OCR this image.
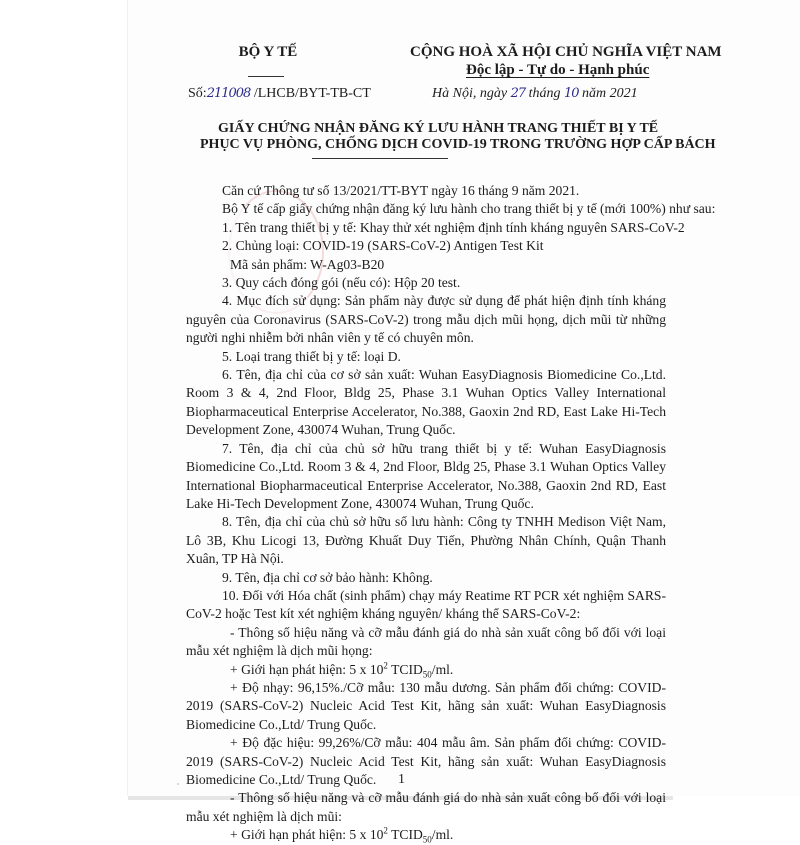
BỘ Y TẾ	CỘNG HOÀ XÃ HỘI CHỦ NGHĨA VIỆT NAM
Độc lập - Tự do - Hạnh phúc
Số:211008 /LHCB/BYT-TB-CT	Hà Nội, ngày 27 tháng 10 năm 2021
GIẤY CHỨNG NHẬN ĐĂNG KÝ LƯU HÀNH TRANG THIẾT BỊ Y TẾ
PHỤC VỤ PHÒNG, CHỐNG DỊCH COVID-19 TRONG TRƯỜNG HỢP CẤP BÁCH

Căn cứ Thông tư số 13/2021/TT-BYT ngày 16 tháng 9 năm 2021.

Bộ Y tế cấp giấy chứng nhận đăng ký lưu hành cho trang thiết bị y tế (mới 100%) như sau:

1. Tên trang thiết bị y tế: Khay thử xét nghiệm định tính kháng nguyên SARS-CoV-2

2. Chủng loại: COVID-19 (SARS-CoV-2) Antigen Test Kit

Mã sản phẩm: W-Ag03-B20

3. Quy cách đóng gói (nếu có): Hộp 20 test.

4. Mục đích sử dụng: Sản phẩm này được sử dụng để phát hiện định tính kháng nguyên của Coronavirus (SARS-CoV-2) trong mẫu dịch mũi họng, dịch mũi từ những người nghi nhiễm bởi nhân viên y tế có chuyên môn.

5. Loại trang thiết bị y tế: loại D.

6. Tên, địa chỉ của cơ sở sản xuất: Wuhan EasyDiagnosis Biomedicine Co.,Ltd. Room 3 & 4, 2nd Floor, Bldg 25, Phase 3.1 Wuhan Optics Valley International Biopharmaceutical Enterprise Accelerator, No.388, Gaoxin 2nd RD, East Lake Hi-Tech Development Zone, 430074 Wuhan, Trung Quốc.

7. Tên, địa chỉ của chủ sở hữu trang thiết bị y tế: Wuhan EasyDiagnosis Biomedicine Co.,Ltd. Room 3 & 4, 2nd Floor, Bldg 25, Phase 3.1 Wuhan Optics Valley International Biopharmaceutical Enterprise Accelerator, No.388, Gaoxin 2nd RD, East Lake Hi-Tech Development Zone, 430074 Wuhan, Trung Quốc.

8. Tên, địa chỉ của chủ sở hữu số lưu hành: Công ty TNHH Medison Việt Nam, Lô 3B, Khu Licogi 13, Đường Khuất Duy Tiến, Phường Nhân Chính, Quận Thanh Xuân, TP Hà Nội.

9. Tên, địa chỉ cơ sở bảo hành: Không.

10. Đối với Hóa chất (sinh phẩm) chạy máy Reatime RT PCR xét nghiệm SARS-CoV-2 hoặc Test kít xét nghiệm kháng nguyên/ kháng thể SARS-CoV-2:

- Thông số hiệu năng và cỡ mẫu đánh giá do nhà sản xuất công bố đối với loại mẫu xét nghiệm là dịch mũi họng:

+ Giới hạn phát hiện: 5 x $10^2$ $TCID_{50}/ml$.

+ Độ nhạy: 96,15%./Cỡ mẫu: 130 mẫu dương. Sản phẩm đối chứng: COVID-2019 (SARS-CoV-2) Nucleic Acid Test Kit, hãng sản xuất: Wuhan EasyDiagnosis Biomedicine Co.,Ltd/ Trung Quốc.

+ Độ đặc hiệu: 99,26%/Cỡ mẫu: 404 mẫu âm. Sản phẩm đối chứng: COVID-2019 (SARS-CoV-2) Nucleic Acid Test Kit, hãng sản xuất: Wuhan EasyDiagnosis Biomedicine Co.,Ltd/ Trung Quốc.

- Thông số hiệu năng và cỡ mẫu đánh giá do nhà sản xuất công bố đối với loại mẫu xét nghiệm là dịch mũi:

+ Giới hạn phát hiện: 5 x $10^2$ $TCID_{50}/ml$.

1
